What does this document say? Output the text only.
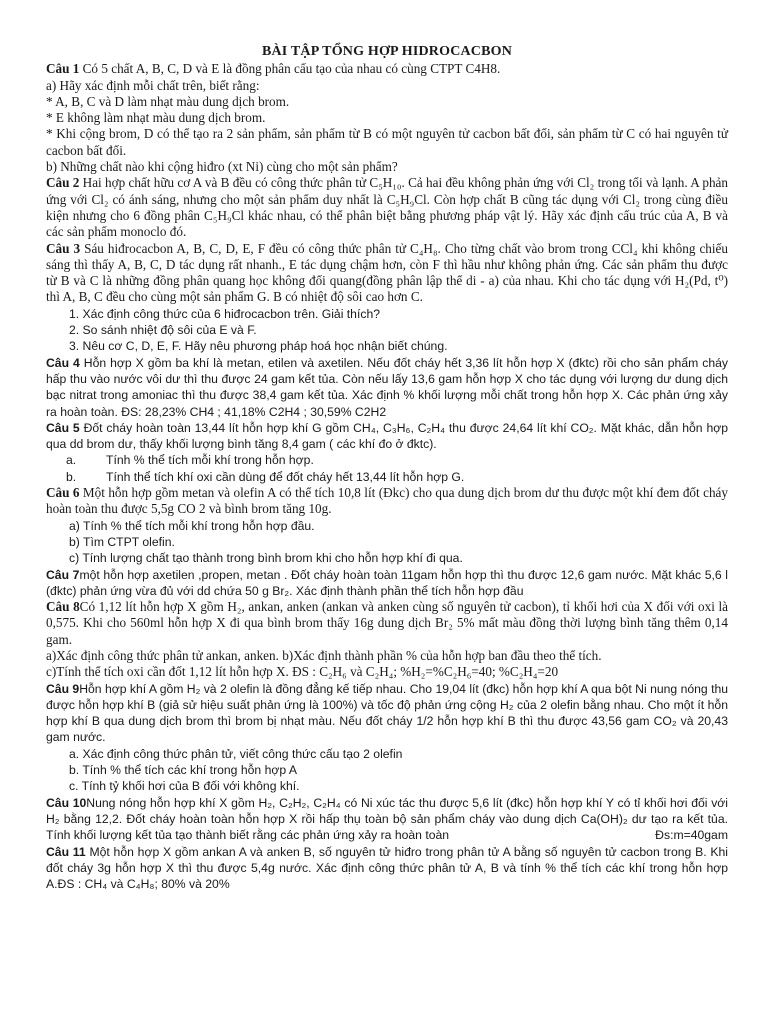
BÀI TẬP TỔNG HỢP HIDROCACBON

Câu 1 Có 5 chất A, B, C, D và E là đồng phân cấu tạo của nhau có cùng CTPT C4H8.

a) Hãy xác định mỗi chất trên, biết rằng:

* A, B, C và D làm nhạt màu dung dịch brom.

* E không làm nhạt màu dung dịch brom.

* Khi cộng brom, D có thể tạo ra 2 sản phẩm, sản phẩm từ B có một nguyên tử cacbon bất đối, sản phẩm từ C có hai nguyên tử cacbon bất đối.

b) Những chất nào khi cộng hiđro (xt Ni) cùng cho một sản phẩm?

Câu 2 Hai hợp chất hữu cơ A và B đều có công thức phân tử C₅H₁₀. Cả hai đều không phản ứng với Cl₂ trong tối và lạnh. A phản ứng với Cl₂ có ánh sáng, nhưng cho một sản phẩm duy nhất là C₅H₉Cl. Còn hợp chất B cũng tác dụng với Cl₂ trong cùng điều kiện nhưng cho 6 đồng phân C₅H₉Cl khác nhau, có thể phân biệt bằng phương pháp vật lý. Hãy xác định cấu trúc của A, B và các sản phẩm monoclo đó.

Câu 3 Sáu hiđrocacbon A, B, C, D, E, F đều có công thức phân tử C₄H₈. Cho từng chất vào brom trong CCl₄ khi không chiếu sáng thì thấy A, B, C, D tác dụng rất nhanh., E tác dụng chậm hơn, còn F thì hầu như không phản ứng. Các sản phẩm thu được từ B và C là những đồng phân quang học không đối quang(đồng phân lập thể di - a) của nhau. Khi cho tác dụng với H₂(Pd, t⁰) thì A, B, C đều cho cùng một sản phẩm G. B có nhiệt độ sôi cao hơn C.

1. Xác định công thức của 6 hiđrocacbon trên. Giải thích?

2. So sánh nhiệt độ sôi của E và F.

3. Nêu cơ C, D, E, F. Hãy nêu phương pháp hoá học nhận biết chúng.

Câu 4 Hỗn hợp X gồm ba khí là metan, etilen và axetilen. Nếu đốt cháy hết 3,36 lít hỗn hợp X (đktc) rồi cho sản phẩm cháy hấp thu vào nước vôi dư thì thu được 24 gam kết tủa. Còn nếu lấy 13,6 gam hỗn hợp X cho tác dụng với lượng dư dung dịch bạc nitrat trong amoniac thì thu được 38,4 gam kết tủa. Xác định % khối lượng mỗi chất trong hỗn hợp X. Các phản ứng xảy ra hoàn toàn. ĐS: 28,23% CH4 ; 41,18% C2H4 ; 30,59% C2H2

Câu 5 Đốt cháy hoàn toàn 13,44 lít hỗn hợp khí G gồm CH₄, C₃H₆, C₂H₄ thu được 24,64 lít khí CO₂. Mặt khác, dẫn hỗn hợp qua dd brom dư, thấy khối lượng bình tăng 8,4 gam ( các khí đo ở đktc).

a. Tính % thể tích mỗi khí trong hỗn hợp.

b. Tính thể tích khí oxi cần dùng để đốt cháy hết 13,44 lít hỗn hợp G.

Câu 6 Một hỗn hợp gồm metan và olefin A có thể tích 10,8 lít (Đkc) cho qua dung dịch brom dư thu được một khí đem đốt cháy hoàn toàn thu được 5,5g CO 2 và bình brom tăng 10g.

a) Tính % thể tích mỗi khí trong hỗn hợp đầu.

b) Tìm CTPT olefin.

c) Tính lượng chất tạo thành trong bình brom khi cho hỗn hợp khí đi qua.

Câu 7một hỗn hợp axetilen ,propen, metan . Đốt cháy hoàn toàn 11gam hỗn hợp thì thu được 12,6 gam nước. Mặt khác 5,6 l (đktc) phản ứng vừa đủ với dd chứa 50 g Br₂. Xác định thành phần thể tích hỗn hợp đầu

Câu 8Có 1,12 lít hỗn hợp X gồm H₂, ankan, anken (ankan và anken cùng số nguyên tử cacbon), tỉ khối hơi của X đối với oxi là 0,575. Khi cho 560ml hỗn hợp X đi qua bình brom thấy 16g dung dịch Br₂ 5% mất màu đồng thời lượng bình tăng thêm 0,14 gam.

a)Xác định công thức phân tử ankan, anken. b)Xác định thành phần % của hỗn hợp ban đầu theo thể tích.

c)Tính thể tích oxi cần đốt 1,12 lít hỗn hợp X. ĐS : C₂H₆ và C₂H₄; %H₂=%C₂H₆=40; %C₂H₄=20

Câu 9Hỗn hợp khí A gồm H₂ và 2 olefin là đồng đẳng kế tiếp nhau. Cho 19,04 lít (đkc) hỗn hợp khí A qua bột Ni nung nóng thu được hỗn hợp khí B (giả sử hiệu suất phản ứng là 100%) và tốc độ phản ứng cộng H₂ của 2 olefin bằng nhau. Cho một ít hỗn hợp khí B qua dung dịch brom thì brom bị nhạt màu. Nếu đốt cháy 1/2 hỗn hợp khí B thì thu được 43,56 gam CO₂ và 20,43 gam nước.

a. Xác định công thức phân tử, viết công thức cấu tạo 2 olefin

b. Tính % thể tích các khí trong hỗn hợp A

c. Tính tỷ khối hơi của B đối với không khí.

Câu 10Nung nóng hỗn hợp khí X gồm H₂, C₂H₂, C₂H₄ có Ni xúc tác thu được 5,6 lít (đkc) hỗn hợp khí Y có tỉ khối hơi đối với H₂ bằng 12,2. Đốt cháy hoàn toàn hỗn hợp X rồi hấp thụ toàn bộ sản phẩm cháy vào dung dịch Ca(OH)₂ dư tạo ra kết tủa. Tính khối lượng kết tủa tạo thành biết rằng các phản ứng xảy ra hoàn toàn	Đs:m=40gam

Câu 11 Một hỗn hợp X gồm ankan A và anken B, số nguyên tử hiđro trong phân tử A bằng số nguyên tử cacbon trong B. Khi đốt cháy 3g hỗn hợp X thì thu được 5,4g nước. Xác định công thức phân tử A, B và tính % thể tích các khí trong hỗn hợp A.ĐS : CH₄ và C₄H₈; 80% và 20%
